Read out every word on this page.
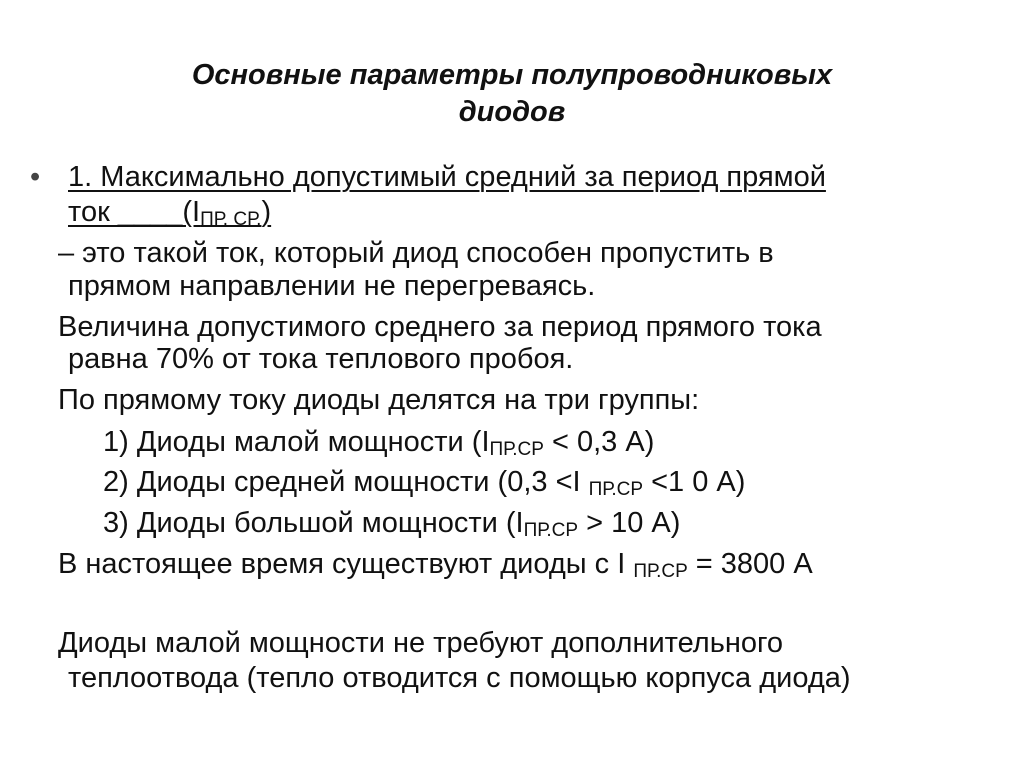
Основные параметры полупроводниковых
диодов
• 1. Максимально допустимый средний за период прямой
ток $\_\_\_\_(I_{ПР. СР.})$
– это такой ток, который диод способен пропустить в
прямом направлении не перегреваясь.
Величина допустимого среднего за период прямого тока
равна 70% от тока теплового пробоя.
По прямому току диоды делятся на три группы:
1) Диоды малой мощности ($I_{ПР.СР} < 0,3$ А)
2) Диоды средней мощности (0,3 <I $_{ПР.СР}$ <1 0 А)
3) Диоды большой мощности ($I_{ПР.СР} > 10$ А)
В настоящее время существуют диоды с I $_{ПР.СР}$ = 3800 А
Диоды малой мощности не требуют дополнительного
теплоотвода (тепло отводится с помощью корпуса диода)
